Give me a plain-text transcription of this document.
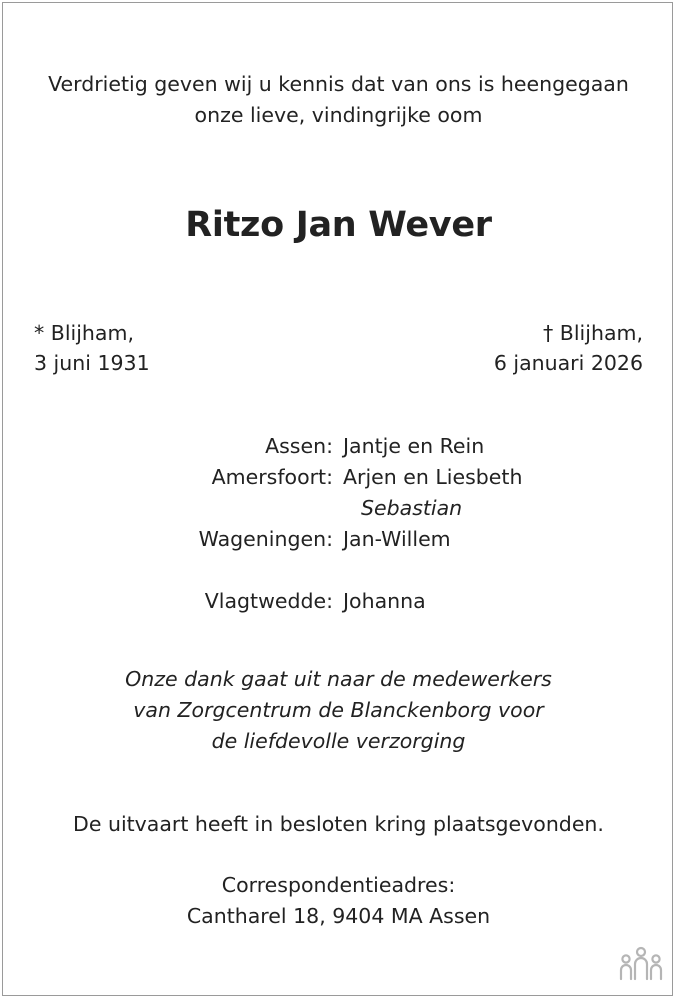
Verdrietig geven wij u kennis dat van ons is heengegaan
onze lieve, vindingrijke oom
Ritzo Jan Wever
* Blijham,
3 juni 1931
† Blijham,
6 januari 2026
Assen: Jantje en Rein
Amersfoort: Arjen en Liesbeth
Sebastian
Wageningen: Jan-Willem
Vlagtwedde: Johanna
Onze dank gaat uit naar de medewerkers
van Zorgcentrum de Blanckenborg voor
de liefdevolle verzorging
De uitvaart heeft in besloten kring plaatsgevonden.
Correspondentieadres:
Cantharel 18, 9404 MA Assen
